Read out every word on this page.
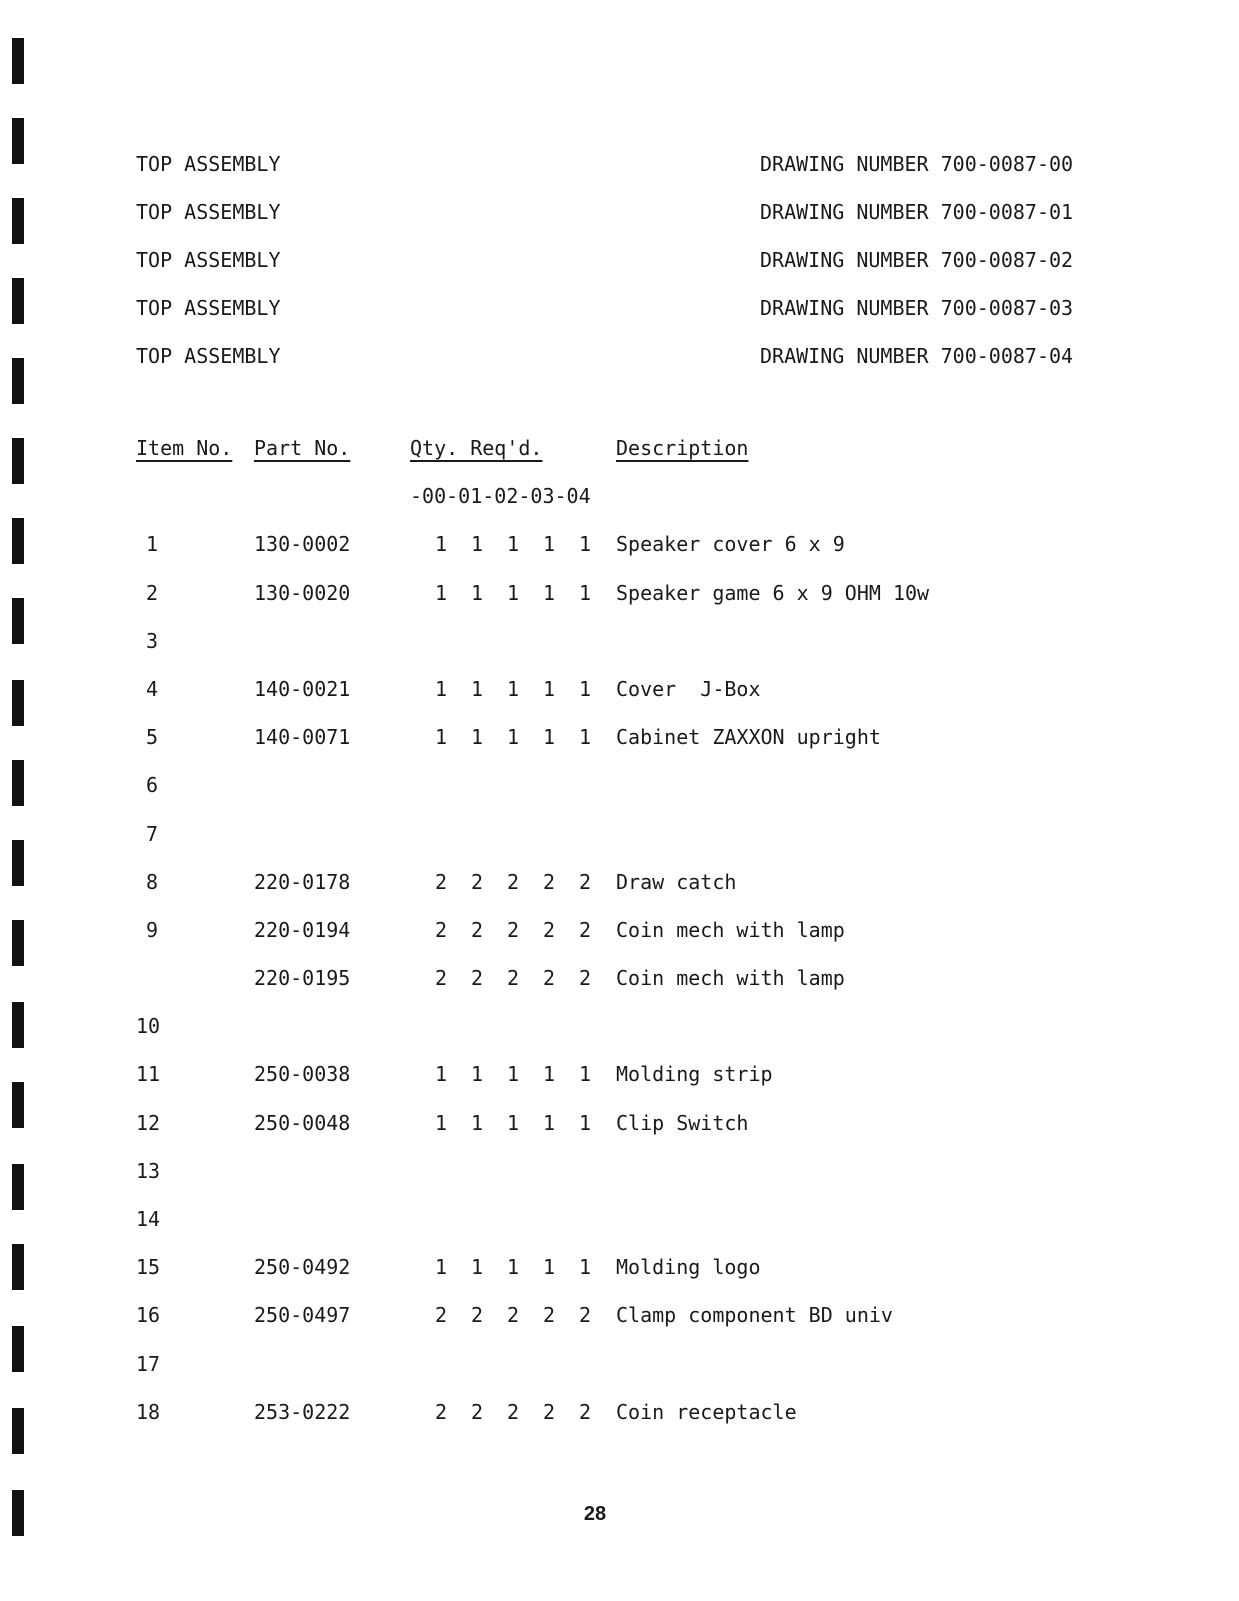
TOP ASSEMBLY	DRAWING NUMBER 700-0087-00
TOP ASSEMBLY	DRAWING NUMBER 700-0087-01
TOP ASSEMBLY	DRAWING NUMBER 700-0087-02
TOP ASSEMBLY	DRAWING NUMBER 700-0087-03
TOP ASSEMBLY	DRAWING NUMBER 700-0087-04
Item No. Part No.	Qty. Req'd.	Description
-00-01-02-03-04
1	130-0002	1 1 1 1 1 Speaker cover 6 x 9
2	130-0020	1 1 1 1 1 Speaker game 6 x 9 OHM 10w
3
4	140-0021	1 1 1 1 1 Cover  J-Box
5	140-0071	1 1 1 1 1 Cabinet ZAXXON upright
6
7
8	220-0178	2 2 2 2 2 Draw catch
9	220-0194	2 2 2 2 2 Coin mech with lamp
220-0195	2 2 2 2 2 Coin mech with lamp
10
11	250-0038	1 1 1 1 1 Molding strip
12	250-0048	1 1 1 1 1 Clip Switch
13
14
15	250-0492	1 1 1 1 1 Molding logo
16	250-0497	2 2 2 2 2 Clamp component BD univ
17
18	253-0222	2 2 2 2 2 Coin receptacle
28
